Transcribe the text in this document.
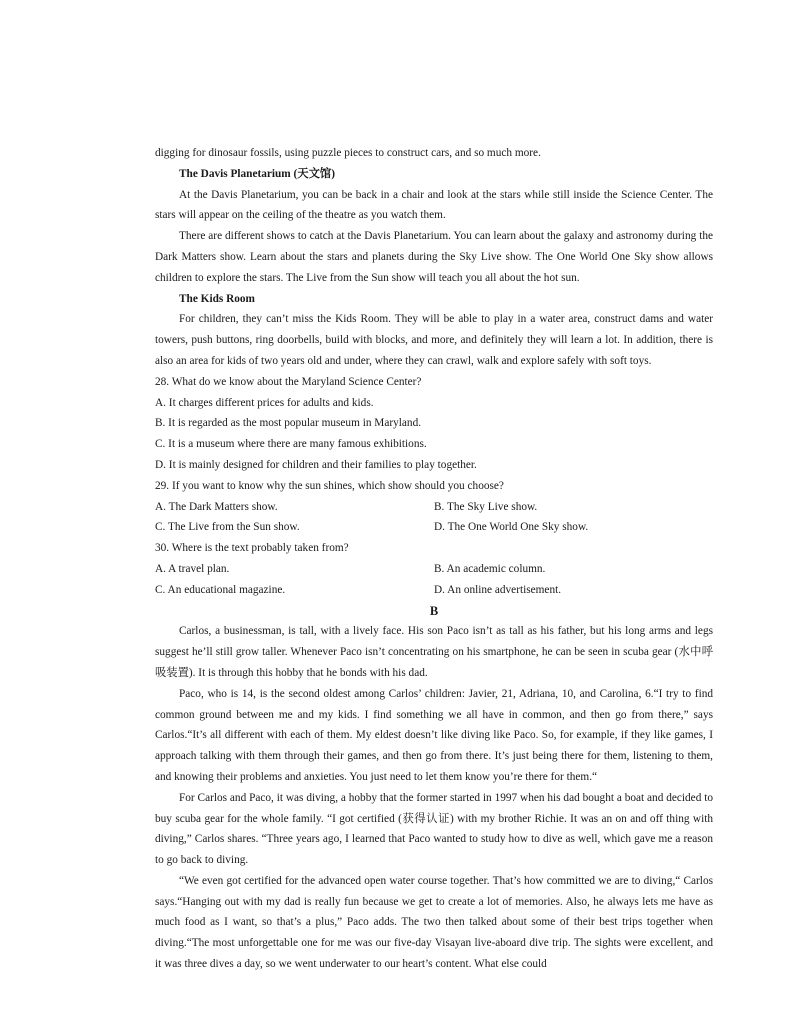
digging for dinosaur fossils, using puzzle pieces to construct cars, and so much more.

The Davis Planetarium (天文馆)

At the Davis Planetarium, you can be back in a chair and look at the stars while still inside the Science Center. The stars will appear on the ceiling of the theatre as you watch them.

There are different shows to catch at the Davis Planetarium. You can learn about the galaxy and astronomy during the Dark Matters show. Learn about the stars and planets during the Sky Live show. The One World One Sky show allows children to explore the stars. The Live from the Sun show will teach you all about the hot sun.

The Kids Room

For children, they can’t miss the Kids Room. They will be able to play in a water area, construct dams and water towers, push buttons, ring doorbells, build with blocks, and more, and definitely they will learn a lot. In addition, there is also an area for kids of two years old and under, where they can crawl, walk and explore safely with soft toys.

28. What do we know about the Maryland Science Center?

A. It charges different prices for adults and kids.

B. It is regarded as the most popular museum in Maryland.

C. It is a museum where there are many famous exhibitions.

D. It is mainly designed for children and their families to play together.

29. If you want to know why the sun shines, which show should you choose?

A. The Dark Matters show.	B. The Sky Live show.
C. The Live from the Sun show.	D. The One World One Sky show.

30. Where is the text probably taken from?

A. A travel plan.	B. An academic column.
C. An educational magazine.	D. An online advertisement.

B

Carlos, a businessman, is tall, with a lively face. His son Paco isn’t as tall as his father, but his long arms and legs suggest he’ll still grow taller. Whenever Paco isn’t concentrating on his smartphone, he can be seen in scuba gear (水中呼吸装置). It is through this hobby that he bonds with his dad.

Paco, who is 14, is the second oldest among Carlos’ children: Javier, 21, Adriana, 10, and Carolina, 6.“I try to find common ground between me and my kids. I find something we all have in common, and then go from there,” says Carlos.“It’s all different with each of them. My eldest doesn’t like diving like Paco. So, for example, if they like games, I approach talking with them through their games, and then go from there. It’s just being there for them, listening to them, and knowing their problems and anxieties. You just need to let them know you’re there for them.“

For Carlos and Paco, it was diving, a hobby that the former started in 1997 when his dad bought a boat and decided to buy scuba gear for the whole family. “I got certified (获得认证) with my brother Richie. It was an on and off thing with diving,” Carlos shares. “Three years ago, I learned that Paco wanted to study how to dive as well, which gave me a reason to go back to diving.

“We even got certified for the advanced open water course together. That’s how committed we are to diving,“ Carlos says.“Hanging out with my dad is really fun because we get to create a lot of memories. Also, he always lets me have as much food as I want, so that’s a plus,” Paco adds. The two then talked about some of their best trips together when diving.“The most unforgettable one for me was our five-day Visayan live-aboard dive trip. The sights were excellent, and it was three dives a day, so we went underwater to our heart’s content. What else could
